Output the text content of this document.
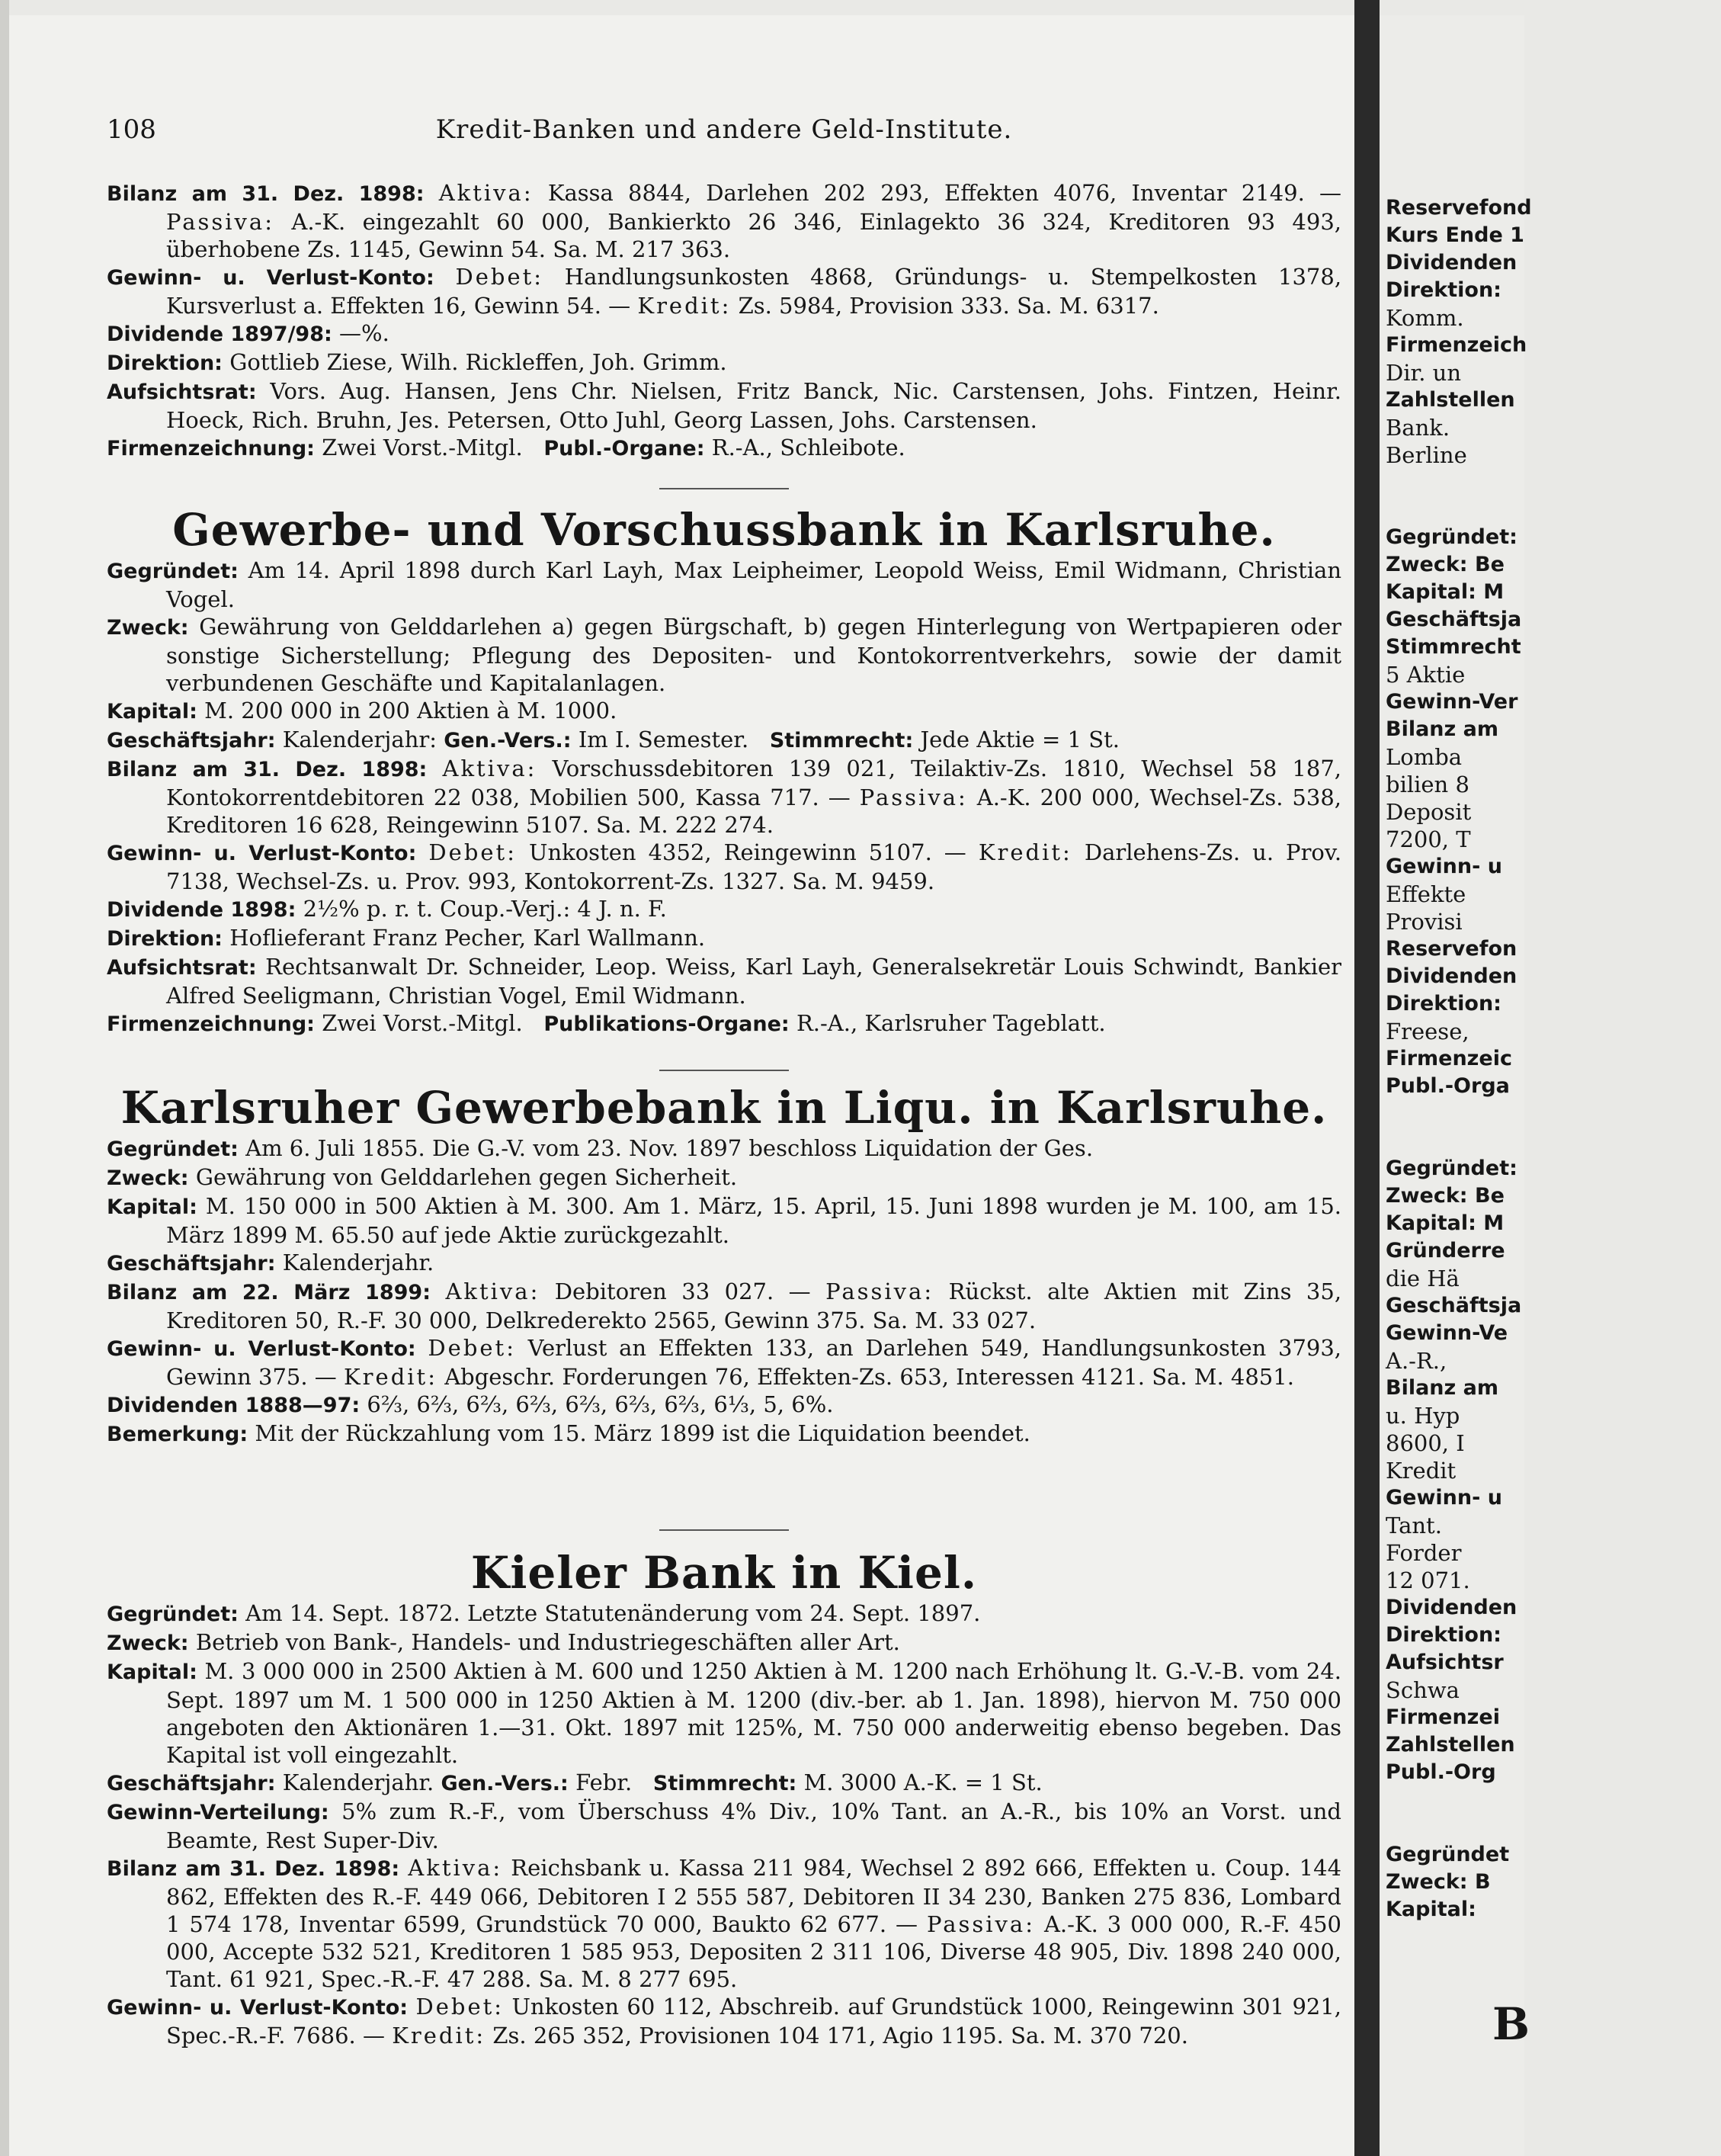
108	Kredit-Banken und andere Geld-Institute.

Bilanz am 31. Dez. 1898: Aktiva: Kassa 8844, Darlehen 202 293, Effekten 4076, Inventar 2149. — Passiva: A.-K. eingezahlt 60 000, Bankierkto 26 346, Einlagekto 36 324, Kreditoren 93 493, überhobene Zs. 1145, Gewinn 54. Sa. M. 217 363.

Gewinn- u. Verlust-Konto: Debet: Handlungsunkosten 4868, Gründungs- u. Stempelkosten 1378, Kursverlust a. Effekten 16, Gewinn 54. — Kredit: Zs. 5984, Provision 333. Sa. M. 6317.

Dividende 1897/98: —%.

Direktion: Gottlieb Ziese, Wilh. Rickleffen, Joh. Grimm.

Aufsichtsrat: Vors. Aug. Hansen, Jens Chr. Nielsen, Fritz Banck, Nic. Carstensen, Johs. Fintzen, Heinr. Hoeck, Rich. Bruhn, Jes. Petersen, Otto Juhl, Georg Lassen, Johs. Carstensen.

Firmenzeichnung: Zwei Vorst.-Mitgl. Publ.-Organe: R.-A., Schleibote.

Gewerbe- und Vorschussbank in Karlsruhe.

Gegründet: Am 14. April 1898 durch Karl Layh, Max Leipheimer, Leopold Weiss, Emil Widmann, Christian Vogel.

Zweck: Gewährung von Gelddarlehen a) gegen Bürgschaft, b) gegen Hinterlegung von Wertpapieren oder sonstige Sicherstellung; Pflegung des Depositen- und Kontokorrentverkehrs, sowie der damit verbundenen Geschäfte und Kapitalanlagen.

Kapital: M. 200 000 in 200 Aktien à M. 1000.

Geschäftsjahr: Kalenderjahr: Gen.-Vers.: Im I. Semester. Stimmrecht: Jede Aktie = 1 St.

Bilanz am 31. Dez. 1898: Aktiva: Vorschussdebitoren 139 021, Teilaktiv-Zs. 1810, Wechsel 58 187, Kontokorrentdebitoren 22 038, Mobilien 500, Kassa 717. — Passiva: A.-K. 200 000, Wechsel-Zs. 538, Kreditoren 16 628, Reingewinn 5107. Sa. M. 222 274.

Gewinn- u. Verlust-Konto: Debet: Unkosten 4352, Reingewinn 5107. — Kredit: Darlehens-Zs. u. Prov. 7138, Wechsel-Zs. u. Prov. 993, Kontokorrent-Zs. 1327. Sa. M. 9459.

Dividende 1898: 2½% p. r. t. Coup.-Verj.: 4 J. n. F.

Direktion: Hoflieferant Franz Pecher, Karl Wallmann.

Aufsichtsrat: Rechtsanwalt Dr. Schneider, Leop. Weiss, Karl Layh, Generalsekretär Louis Schwindt, Bankier Alfred Seeligmann, Christian Vogel, Emil Widmann.

Firmenzeichnung: Zwei Vorst.-Mitgl. Publikations-Organe: R.-A., Karlsruher Tageblatt.

Karlsruher Gewerbebank in Liqu. in Karlsruhe.

Gegründet: Am 6. Juli 1855. Die G.-V. vom 23. Nov. 1897 beschloss Liquidation der Ges.

Zweck: Gewährung von Gelddarlehen gegen Sicherheit.

Kapital: M. 150 000 in 500 Aktien à M. 300. Am 1. März, 15. April, 15. Juni 1898 wurden je M. 100, am 15. März 1899 M. 65.50 auf jede Aktie zurückgezahlt.

Geschäftsjahr: Kalenderjahr.

Bilanz am 22. März 1899: Aktiva: Debitoren 33 027. — Passiva: Rückst. alte Aktien mit Zins 35, Kreditoren 50, R.-F. 30 000, Delkrederekto 2565, Gewinn 375. Sa. M. 33 027.

Gewinn- u. Verlust-Konto: Debet: Verlust an Effekten 133, an Darlehen 549, Handlungsunkosten 3793, Gewinn 375. — Kredit: Abgeschr. Forderungen 76, Effekten-Zs. 653, Interessen 4121. Sa. M. 4851.

Dividenden 1888—97: 6⅔, 6⅔, 6⅔, 6⅔, 6⅔, 6⅔, 6⅔, 6⅓, 5, 6%.

Bemerkung: Mit der Rückzahlung vom 15. März 1899 ist die Liquidation beendet.

Kieler Bank in Kiel.

Gegründet: Am 14. Sept. 1872. Letzte Statutenänderung vom 24. Sept. 1897.

Zweck: Betrieb von Bank-, Handels- und Industriegeschäften aller Art.

Kapital: M. 3 000 000 in 2500 Aktien à M. 600 und 1250 Aktien à M. 1200 nach Erhöhung lt. G.-V.-B. vom 24. Sept. 1897 um M. 1 500 000 in 1250 Aktien à M. 1200 (div.-ber. ab 1. Jan. 1898), hiervon M. 750 000 angeboten den Aktionären 1.—31. Okt. 1897 mit 125%, M. 750 000 anderweitig ebenso begeben. Das Kapital ist voll eingezahlt.

Geschäftsjahr: Kalenderjahr. Gen.-Vers.: Febr. Stimmrecht: M. 3000 A.-K. = 1 St.

Gewinn-Verteilung: 5% zum R.-F., vom Überschuss 4% Div., 10% Tant. an A.-R., bis 10% an Vorst. und Beamte, Rest Super-Div.

Bilanz am 31. Dez. 1898: Aktiva: Reichsbank u. Kassa 211 984, Wechsel 2 892 666, Effekten u. Coup. 144 862, Effekten des R.-F. 449 066, Debitoren I 2 555 587, Debitoren II 34 230, Banken 275 836, Lombard 1 574 178, Inventar 6599, Grundstück 70 000, Baukto 62 677. — Passiva: A.-K. 3 000 000, R.-F. 450 000, Accepte 532 521, Kreditoren 1 585 953, Depositen 2 311 106, Diverse 48 905, Div. 1898 240 000, Tant. 61 921, Spec.-R.-F. 47 288. Sa. M. 8 277 695.

Gewinn- u. Verlust-Konto: Debet: Unkosten 60 112, Abschreib. auf Grundstück 1000, Reingewinn 301 921, Spec.-R.-F. 7686. — Kredit: Zs. 265 352, Provisionen 104 171, Agio 1195. Sa. M. 370 720.

Reservefond
Kurs Ende 1
Dividenden
Direktion:
Komm.
Firmenzeich
Dir. un
Zahlstellen
Bank.
Berline
Gegründet:
Zweck: Be
Kapital: M
Geschäftsja
Stimmrecht
5 Aktie
Gewinn-Ver
Bilanz am
Lomba
bilien 8
Deposit
7200, T
Gewinn- u
Effekte
Provisi
Reservefon
Dividenden
Direktion:
Freese,
Firmenzeic
Publ.-Orga
Gegründet:
Zweck: Be
Kapital: M
Gründerre
die Hä
Geschäftsja
Gewinn-Ve
A.-R.,
Bilanz am
u. Hyp
8600, I
Kredit
Gewinn- u
Tant.
Forder
12 071.
Dividenden
Direktion:
Aufsichtsr
Schwa
Firmenzei
Zahlstellen
Publ.-Org
Gegründet
Zweck: B
Kapital:
B
